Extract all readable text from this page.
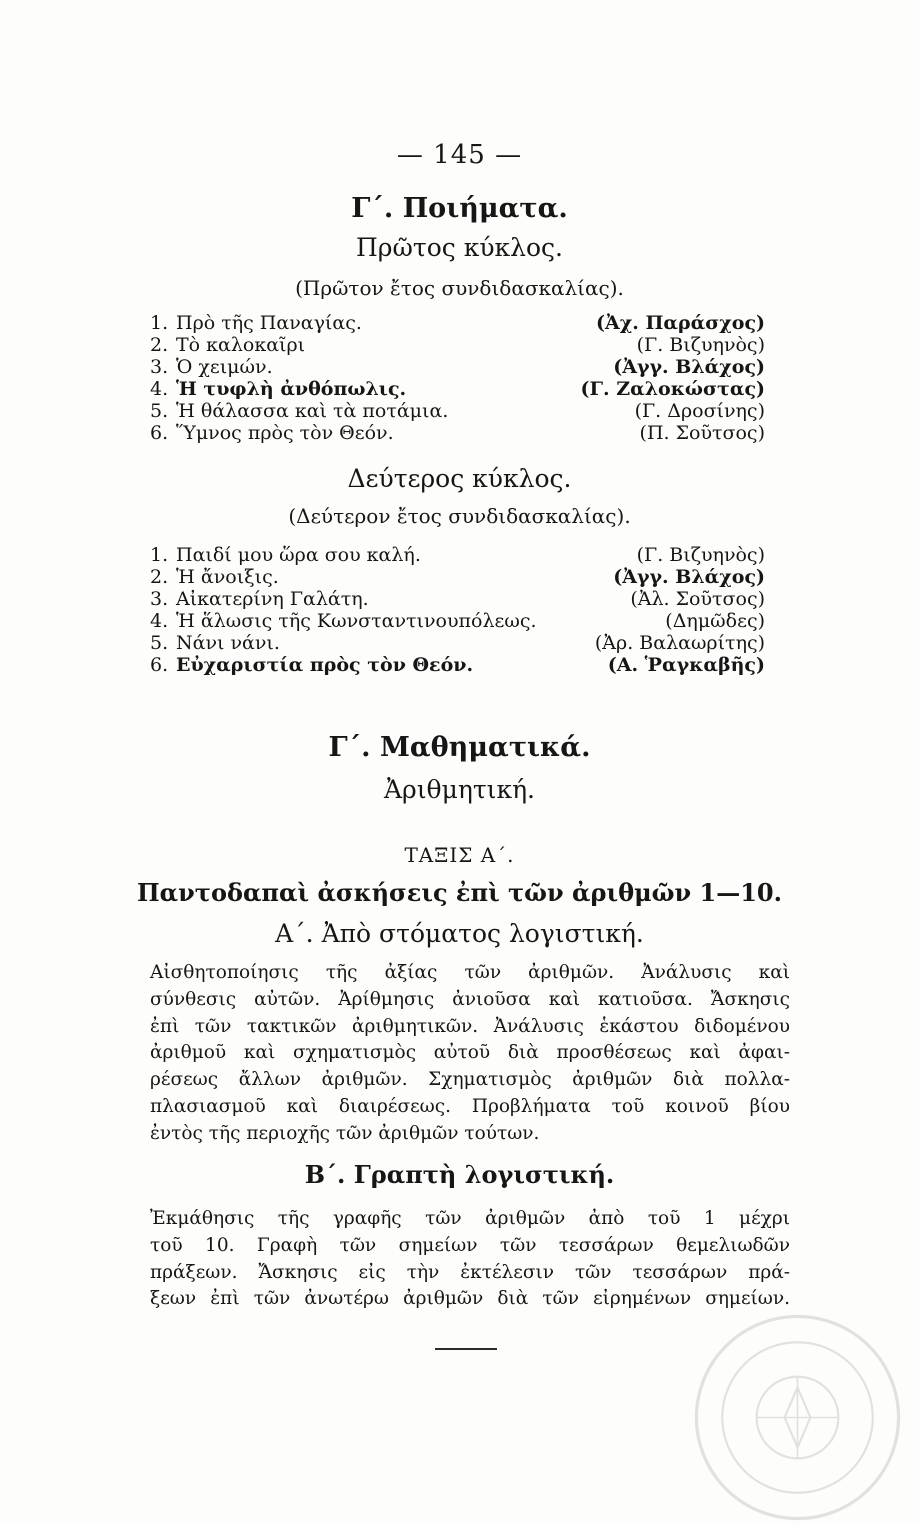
— 145 —
Γ΄. Ποιήματα.
Πρῶτος κύκλος.
(Πρῶτον ἔτος συνδιδασκαλίας).
1. Πρὸ τῆς Παναγίας.	(Ἀχ. Παράσχος)
2. Τὸ καλοκαῖρι	(Γ. Βιζυηνὸς)
3. Ὁ χειμών.	(Ἀγγ. Βλάχος)
4. Ἡ τυφλὴ ἀνθόπωλις.	(Γ. Ζαλοκώστας)
5. Ἡ θάλασσα καὶ τὰ ποτάμια.	(Γ. Δροσίνης)
6. Ὕμνος πρὸς τὸν Θεόν.	(Π. Σοῦτσος)
Δεύτερος κύκλος.
(Δεύτερον ἔτος συνδιδασκαλίας).
1. Παιδί μου ὥρα σου καλή.	(Γ. Βιζυηνὸς)
2. Ἡ ἄνοιξις.	(Ἀγγ. Βλάχος)
3. Αἰκατερίνη Γαλάτη.	(Ἀλ. Σοῦτσος)
4. Ἡ ἅλωσις τῆς Κωνσταντινουπόλεως.	(Δημῶδες)
5. Νάνι νάνι.	(Ἀρ. Βαλαωρίτης)
6. Εὐχαριστία πρὸς τὸν Θεόν.	(Α. Ῥαγκαβῆς)
Γ΄. Μαθηματικά.
Ἀριθμητική.
ΤΑΞΙΣ Α΄.
Παντοδαπαὶ ἀσκήσεις ἐπὶ τῶν ἀριθμῶν 1—10.
Α΄. Ἀπὸ στόματος λογιστική.

Αἰσθητοποίησις τῆς ἀξίας τῶν ἀριθμῶν. Ἀνάλυσις καὶ
σύνθεσις αὐτῶν. Ἀρίθμησις ἀνιοῦσα καὶ κατιοῦσα. Ἄσκησις
ἐπὶ τῶν τακτικῶν ἀριθμητικῶν. Ἀνάλυσις ἑκάστου διδομένου
ἀριθμοῦ καὶ σχηματισμὸς αὐτοῦ διὰ προσθέσεως καὶ ἀφαι-
ρέσεως ἄλλων ἀριθμῶν. Σχηματισμὸς ἀριθμῶν διὰ πολλα-
πλασιασμοῦ καὶ διαιρέσεως. Προβλήματα τοῦ κοινοῦ βίου
ἐντὸς τῆς περιοχῆς τῶν ἀριθμῶν τούτων.

Β΄. Γραπτὴ λογιστική.

Ἐκμάθησις τῆς γραφῆς τῶν ἀριθμῶν ἀπὸ τοῦ 1 μέχρι
τοῦ 10. Γραφὴ τῶν σημείων τῶν τεσσάρων θεμελιωδῶν
πράξεων. Ἄσκησις εἰς τὴν ἐκτέλεσιν τῶν τεσσάρων πρά-
ξεων ἐπὶ τῶν ἀνωτέρω ἀριθμῶν διὰ τῶν εἰρημένων σημείων.
